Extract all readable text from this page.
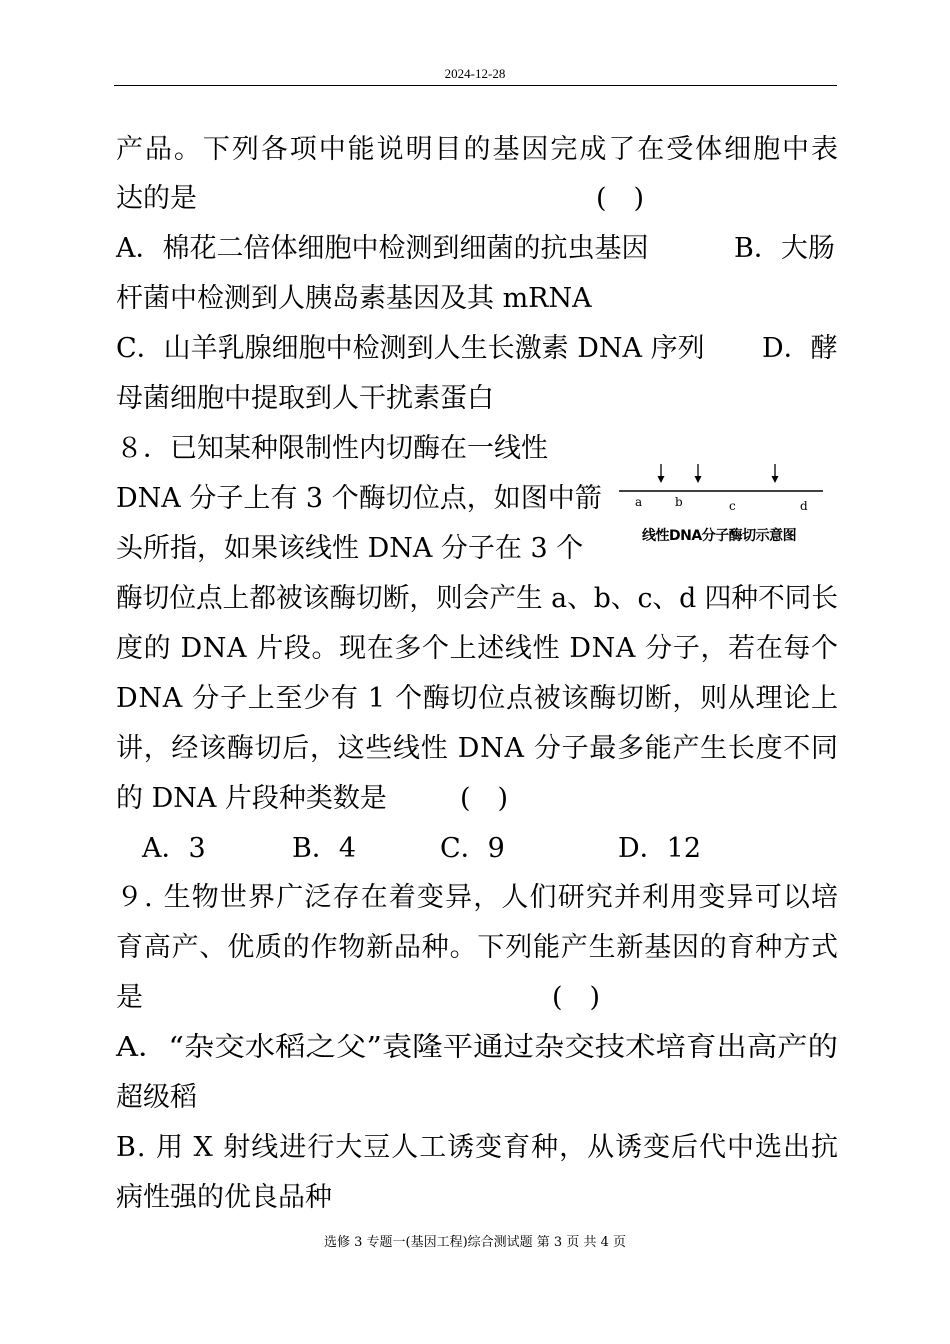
2024-12-28
产品。下列各项中能说明目的基因完成了在受体细胞中表
达的是	(　)
A．棉花二倍体细胞中检测到细菌的抗虫基因	B．大肠
杆菌中检测到人胰岛素基因及其 mRNA
C．山羊乳腺细胞中检测到人生长激素 DNA 序列 D．酵
母菌细胞中提取到人干扰素蛋白
８．已知某种限制性内切酶在一线性
DNA 分子上有 3 个酶切位点，如图中箭
头所指，如果该线性 DNA 分子在 3 个
a	b	c	d
线性DNA分子酶切示意图
酶切位点上都被该酶切断，则会产生 a、b、c、d 四种不同长
度的 DNA 片段。现在多个上述线性 DNA 分子，若在每个
DNA 分子上至少有 1 个酶切位点被该酶切断，则从理论上
讲，经该酶切后，这些线性 DNA 分子最多能产生长度不同
的 DNA 片段种类数是	(　)
A．3	B．4	C．9	D．12
９. 生物世界广泛存在着变异，人们研究并利用变异可以培
育高产、优质的作物新品种。下列能产生新基因的育种方式
是	(　)
A．“杂交水稻之父”袁隆平通过杂交技术培育出高产的
超级稻
B. 用 X 射线进行大豆人工诱变育种，从诱变后代中选出抗
病性强的优良品种
选修 3 专题一(基因工程)综合测试题 第 3 页 共 4 页
